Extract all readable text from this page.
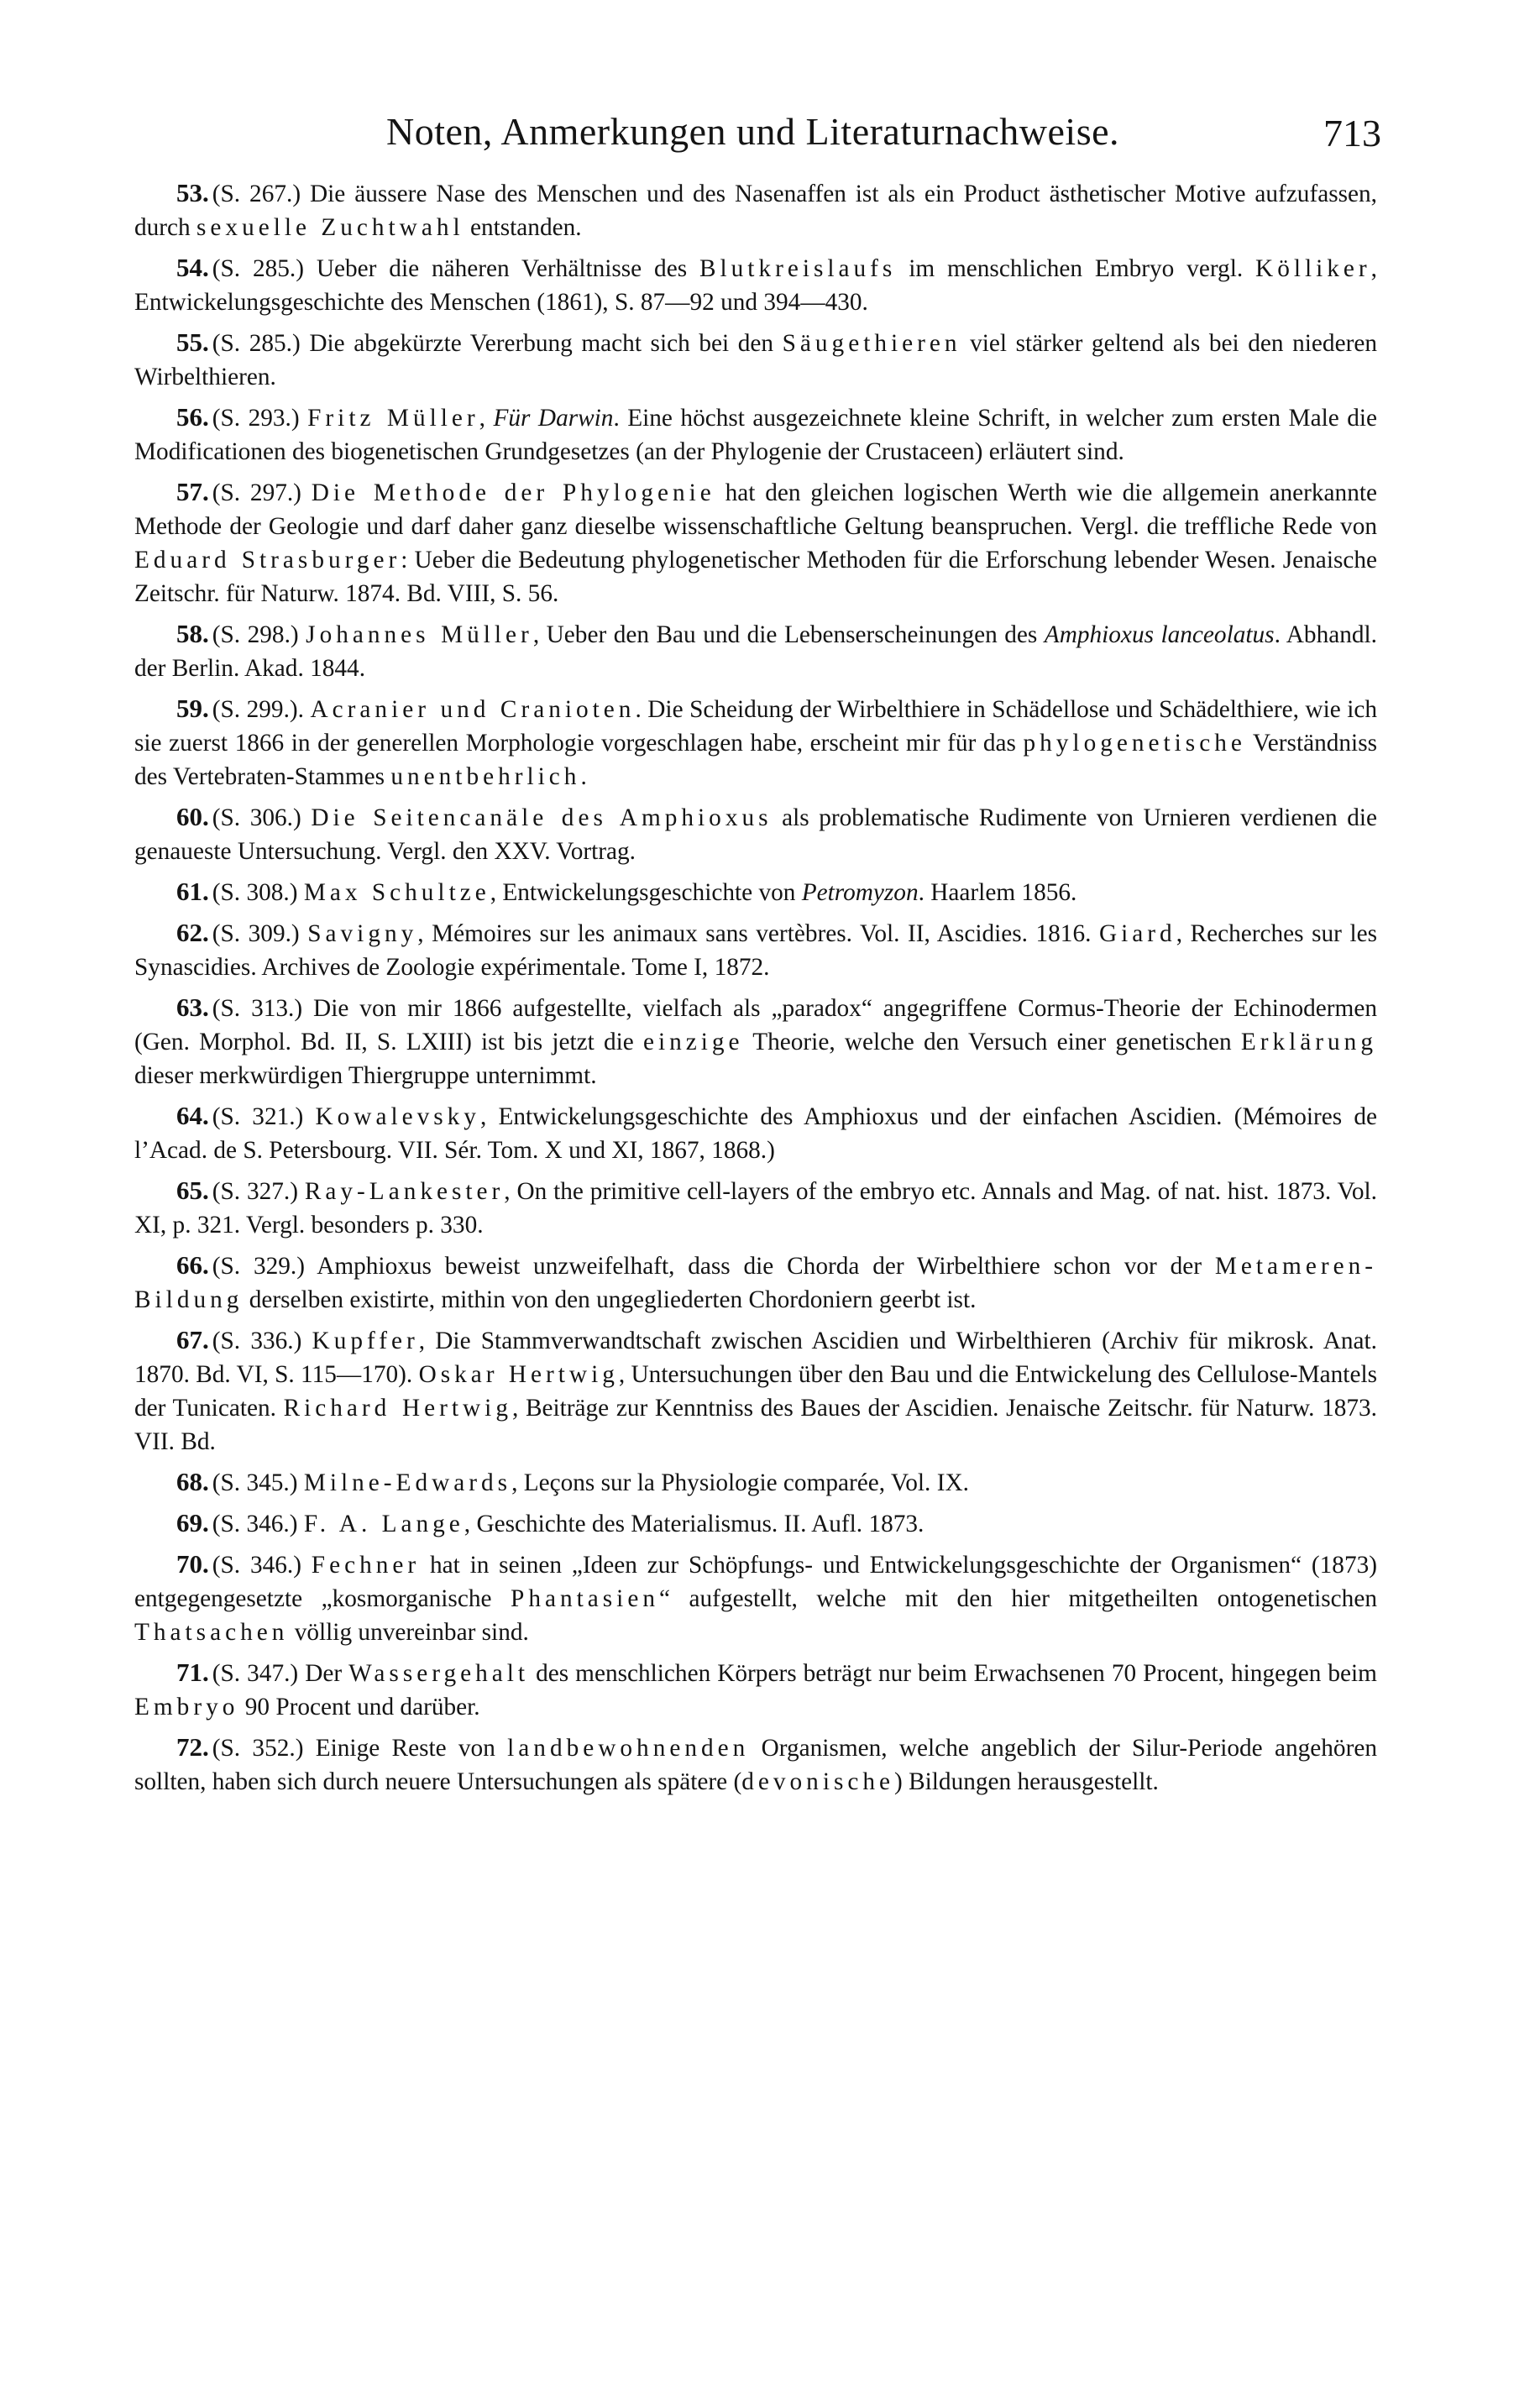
Noten, Anmerkungen und Literaturnachweise.	713

53. (S. 267.) Die äussere Nase des Menschen und des Nasenaffen ist als ein Product ästhetischer Motive aufzufassen, durch sexuelle Zuchtwahl entstanden.

54. (S. 285.) Ueber die näheren Verhältnisse des Blutkreislaufs im menschlichen Embryo vergl. Kölliker, Entwickelungsgeschichte des Menschen (1861), S. 87—92 und 394—430.

55. (S. 285.) Die abgekürzte Vererbung macht sich bei den Säugethieren viel stärker geltend als bei den niederen Wirbelthieren.

56. (S. 293.) Fritz Müller, Für Darwin. Eine höchst ausgezeichnete kleine Schrift, in welcher zum ersten Male die Modificationen des biogenetischen Grundgesetzes (an der Phylogenie der Crustaceen) erläutert sind.

57. (S. 297.) Die Methode der Phylogenie hat den gleichen logischen Werth wie die allgemein anerkannte Methode der Geologie und darf daher ganz dieselbe wissenschaftliche Geltung beanspruchen. Vergl. die treffliche Rede von Eduard Strasburger: Ueber die Bedeutung phylogenetischer Methoden für die Erforschung lebender Wesen. Jenaische Zeitschr. für Naturw. 1874. Bd. VIII, S. 56.

58. (S. 298.) Johannes Müller, Ueber den Bau und die Lebenserscheinungen des Amphioxus lanceolatus. Abhandl. der Berlin. Akad. 1844.

59. (S. 299.). Acranier und Cranioten. Die Scheidung der Wirbelthiere in Schädellose und Schädelthiere, wie ich sie zuerst 1866 in der generellen Morphologie vorgeschlagen habe, erscheint mir für das phylogenetische Verständniss des Vertebraten-Stammes unentbehrlich.

60. (S. 306.) Die Seitencanäle des Amphioxus als problematische Rudimente von Urnieren verdienen die genaueste Untersuchung. Vergl. den XXV. Vortrag.

61. (S. 308.) Max Schultze, Entwickelungsgeschichte von Petromyzon. Haarlem 1856.

62. (S. 309.) Savigny, Mémoires sur les animaux sans vertèbres. Vol. II, Ascidies. 1816. Giard, Recherches sur les Synascidies. Archives de Zoologie expérimentale. Tome I, 1872.

63. (S. 313.) Die von mir 1866 aufgestellte, vielfach als „paradox“ angegriffene Cormus-Theorie der Echinodermen (Gen. Morphol. Bd. II, S. LXIII) ist bis jetzt die einzige Theorie, welche den Versuch einer genetischen Erklärung dieser merkwürdigen Thiergruppe unternimmt.

64. (S. 321.) Kowalevsky, Entwickelungsgeschichte des Amphioxus und der einfachen Ascidien. (Mémoires de l’Acad. de S. Petersbourg. VII. Sér. Tom. X und XI, 1867, 1868.)

65. (S. 327.) Ray-Lankester, On the primitive cell-layers of the embryo etc. Annals and Mag. of nat. hist. 1873. Vol. XI, p. 321. Vergl. besonders p. 330.

66. (S. 329.) Amphioxus beweist unzweifelhaft, dass die Chorda der Wirbelthiere schon vor der Metameren-Bildung derselben existirte, mithin von den ungegliederten Chordoniern geerbt ist.

67. (S. 336.) Kupffer, Die Stammverwandtschaft zwischen Ascidien und Wirbelthieren (Archiv für mikrosk. Anat. 1870. Bd. VI, S. 115—170). Oskar Hertwig, Untersuchungen über den Bau und die Entwickelung des Cellulose-Mantels der Tunicaten. Richard Hertwig, Beiträge zur Kenntniss des Baues der Ascidien. Jenaische Zeitschr. für Naturw. 1873. VII. Bd.

68. (S. 345.) Milne-Edwards, Leçons sur la Physiologie comparée, Vol. IX.

69. (S. 346.) F. A. Lange, Geschichte des Materialismus. II. Aufl. 1873.

70. (S. 346.) Fechner hat in seinen „Ideen zur Schöpfungs- und Entwickelungsgeschichte der Organismen“ (1873) entgegengesetzte „kosmorganische Phantasien“ aufgestellt, welche mit den hier mitgetheilten ontogenetischen Thatsachen völlig unvereinbar sind.

71. (S. 347.) Der Wassergehalt des menschlichen Körpers beträgt nur beim Erwachsenen 70 Procent, hingegen beim Embryo 90 Procent und darüber.

72. (S. 352.) Einige Reste von landbewohnenden Organismen, welche angeblich der Silur-Periode angehören sollten, haben sich durch neuere Untersuchungen als spätere (devonische) Bildungen herausgestellt.
